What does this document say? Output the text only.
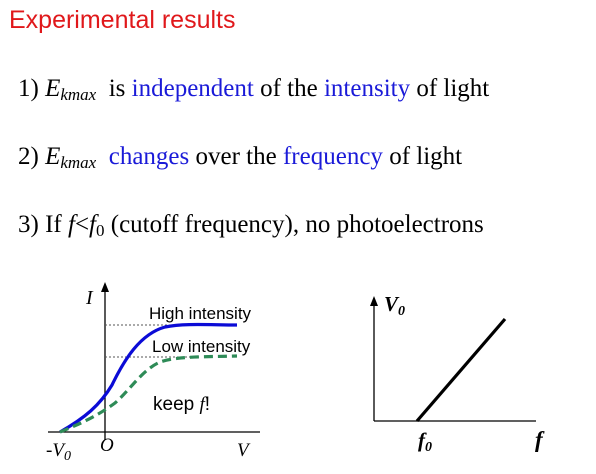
Experimental results
1) $E_{kmax}$ is independent of the intensity of light
2) $E_{kmax}$ changes over the frequency of light
3) If $f<f_0$ (cutoff frequency), no photoelectrons
I
High intensity
Low intensity
keep f!
$-V_0$
O	V
V0
f0	f
